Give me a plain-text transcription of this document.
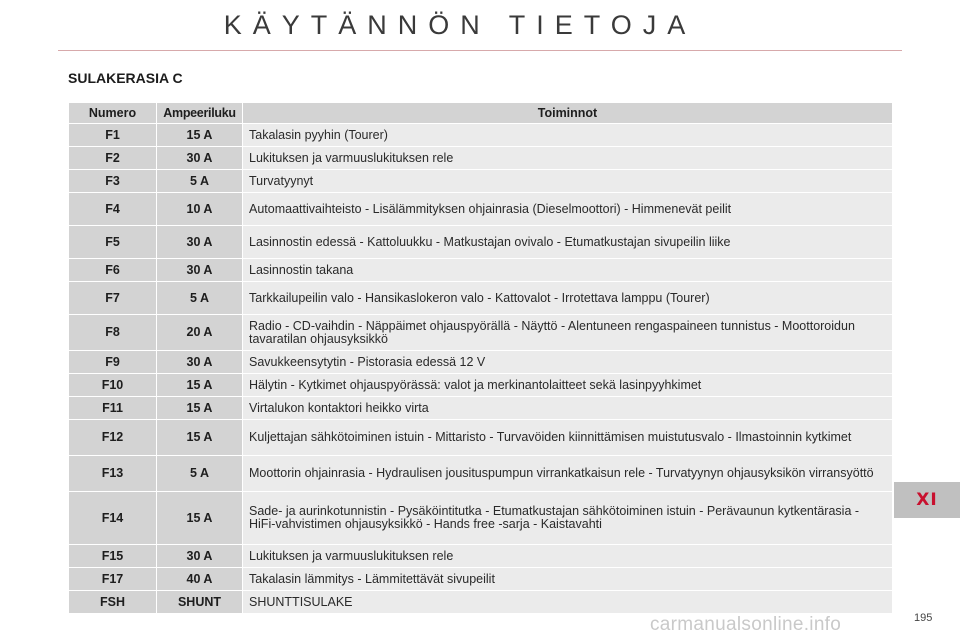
KÄYTÄNNÖN TIETOJA
SULAKERASIA C
Numero	Ampeeriluku	Toiminnot
F1	15 A	Takalasin pyyhin (Tourer)
F2	30 A	Lukituksen ja varmuuslukituksen rele
F3	5 A	Turvatyynyt
F4	10 A	Automaattivaihteisto - Lisälämmityksen ohjainrasia (Dieselmoottori) - Himmenevät peilit
F5	30 A	Lasinnostin edessä - Kattoluukku - Matkustajan ovivalo - Etumatkustajan sivupeilin liike
F6	30 A	Lasinnostin takana
F7	5 A	Tarkkailupeilin valo - Hansikaslokeron valo - Kattovalot - Irrotettava lamppu (Tourer)
F8	20 A	Radio - CD-vaihdin - Näppäimet ohjauspyörällä - Näyttö - Alentuneen rengaspaineen tunnistus - Moottoroidun tavaratilan ohjausyksikkö
F9	30 A	Savukkeensytytin - Pistorasia edessä 12 V
F10	15 A	Hälytin - Kytkimet ohjauspyörässä: valot ja merkinantolaitteet sekä lasinpyyhkimet
F11	15 A	Virtalukon kontaktori heikko virta
F12	15 A	Kuljettajan sähkötoiminen istuin - Mittaristo - Turvavöiden kiinnittämisen muistutusvalo - Ilmastoinnin kytkimet
F13	5 A	Moottorin ohjainrasia - Hydraulisen jousituspumpun virrankatkaisun rele - Turvatyynyn ohjausyksikön virransyöttö
F14	15 A	Sade- ja aurinkotunnistin - Pysäköintitutka - Etumatkustajan sähkötoiminen istuin - Perävaunun kytkentärasia - HiFi-vahvistimen ohjausyksikkö - Hands free -sarja - Kaistavahti
F15	30 A	Lukituksen ja varmuuslukituksen rele
F17	40 A	Takalasin lämmitys - Lämmitettävät sivupeilit
FSH	SHUNT	SHUNTTISULAKE
XI
carmanualsonline.info	195
